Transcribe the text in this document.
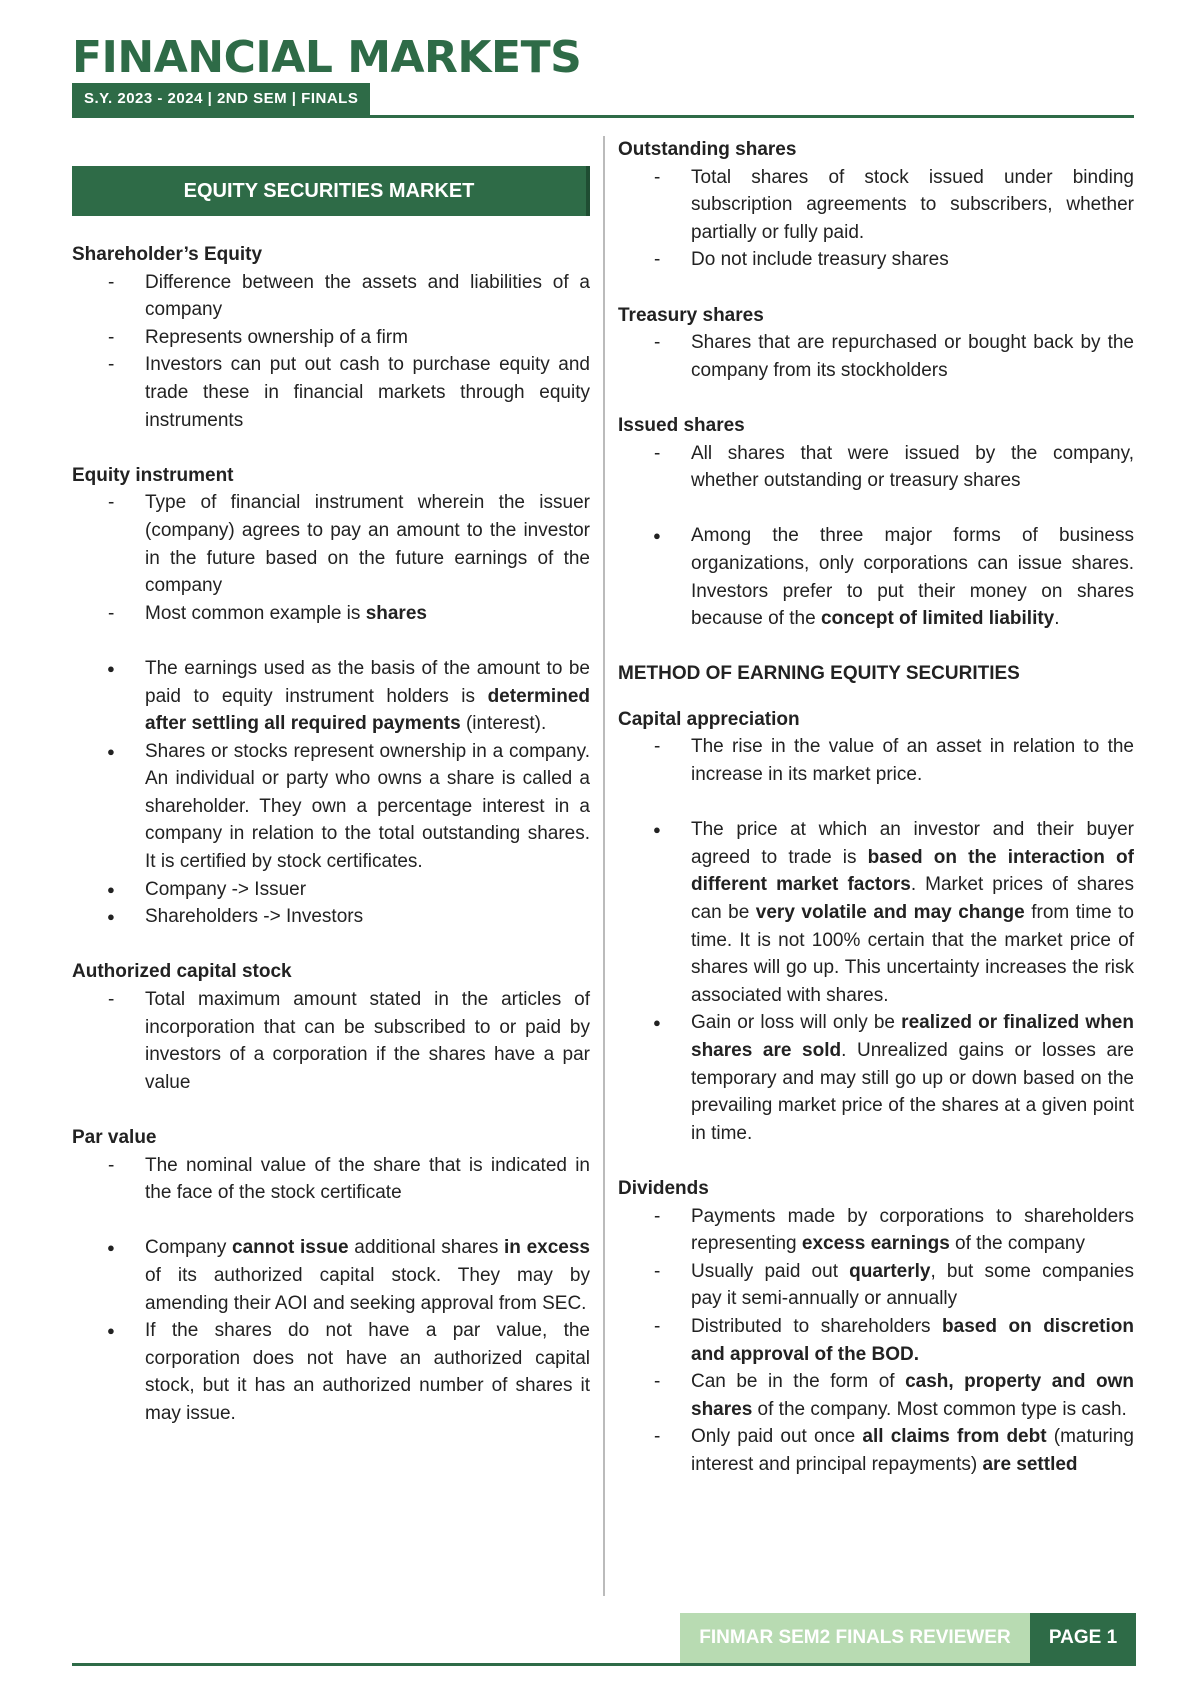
FINANCIAL MARKETS
S.Y. 2023 - 2024 | 2ND SEM | FINALS
EQUITY SECURITIES MARKET

Shareholder’s Equity

- Difference between the assets and liabilities of a company
- Represents ownership of a firm
- Investors can put out cash to purchase equity and trade these in financial markets through equity instruments

Equity instrument

- Type of financial instrument wherein the issuer (company) agrees to pay an amount to the investor in the future based on the future earnings of the company
- Most common example is shares
● The earnings used as the basis of the amount to be paid to equity instrument holders is determined after settling all required payments (interest).
● Shares or stocks represent ownership in a company. An individual or party who owns a share is called a shareholder. They own a percentage interest in a company in relation to the total outstanding shares. It is certified by stock certificates.
● Company -> Issuer
● Shareholders -> Investors

Authorized capital stock

- Total maximum amount stated in the articles of incorporation that can be subscribed to or paid by investors of a corporation if the shares have a par value

Par value

- The nominal value of the share that is indicated in the face of the stock certificate
● Company cannot issue additional shares in excess of its authorized capital stock. They may by amending their AOI and seeking approval from SEC.
● If the shares do not have a par value, the corporation does not have an authorized capital stock, but it has an authorized number of shares it may issue.

Outstanding shares

- Total shares of stock issued under binding subscription agreements to subscribers, whether partially or fully paid.
- Do not include treasury shares

Treasury shares

- Shares that are repurchased or bought back by the company from its stockholders

Issued shares

- All shares that were issued by the company, whether outstanding or treasury shares
● Among the three major forms of business organizations, only corporations can issue shares. Investors prefer to put their money on shares because of the concept of limited liability.

METHOD OF EARNING EQUITY SECURITIES

Capital appreciation

- The rise in the value of an asset in relation to the increase in its market price.
● The price at which an investor and their buyer agreed to trade is based on the interaction of different market factors. Market prices of shares can be very volatile and may change from time to time. It is not 100% certain that the market price of shares will go up. This uncertainty increases the risk associated with shares.
● Gain or loss will only be realized or finalized when shares are sold. Unrealized gains or losses are temporary and may still go up or down based on the prevailing market price of the shares at a given point in time.

Dividends

- Payments made by corporations to shareholders representing excess earnings of the company
- Usually paid out quarterly, but some companies pay it semi-annually or annually
- Distributed to shareholders based on discretion and approval of the BOD.
- Can be in the form of cash, property and own shares of the company. Most common type is cash.
- Only paid out once all claims from debt (maturing interest and principal repayments) are settled
FINMAR SEM2 FINALS REVIEWER	PAGE 1
